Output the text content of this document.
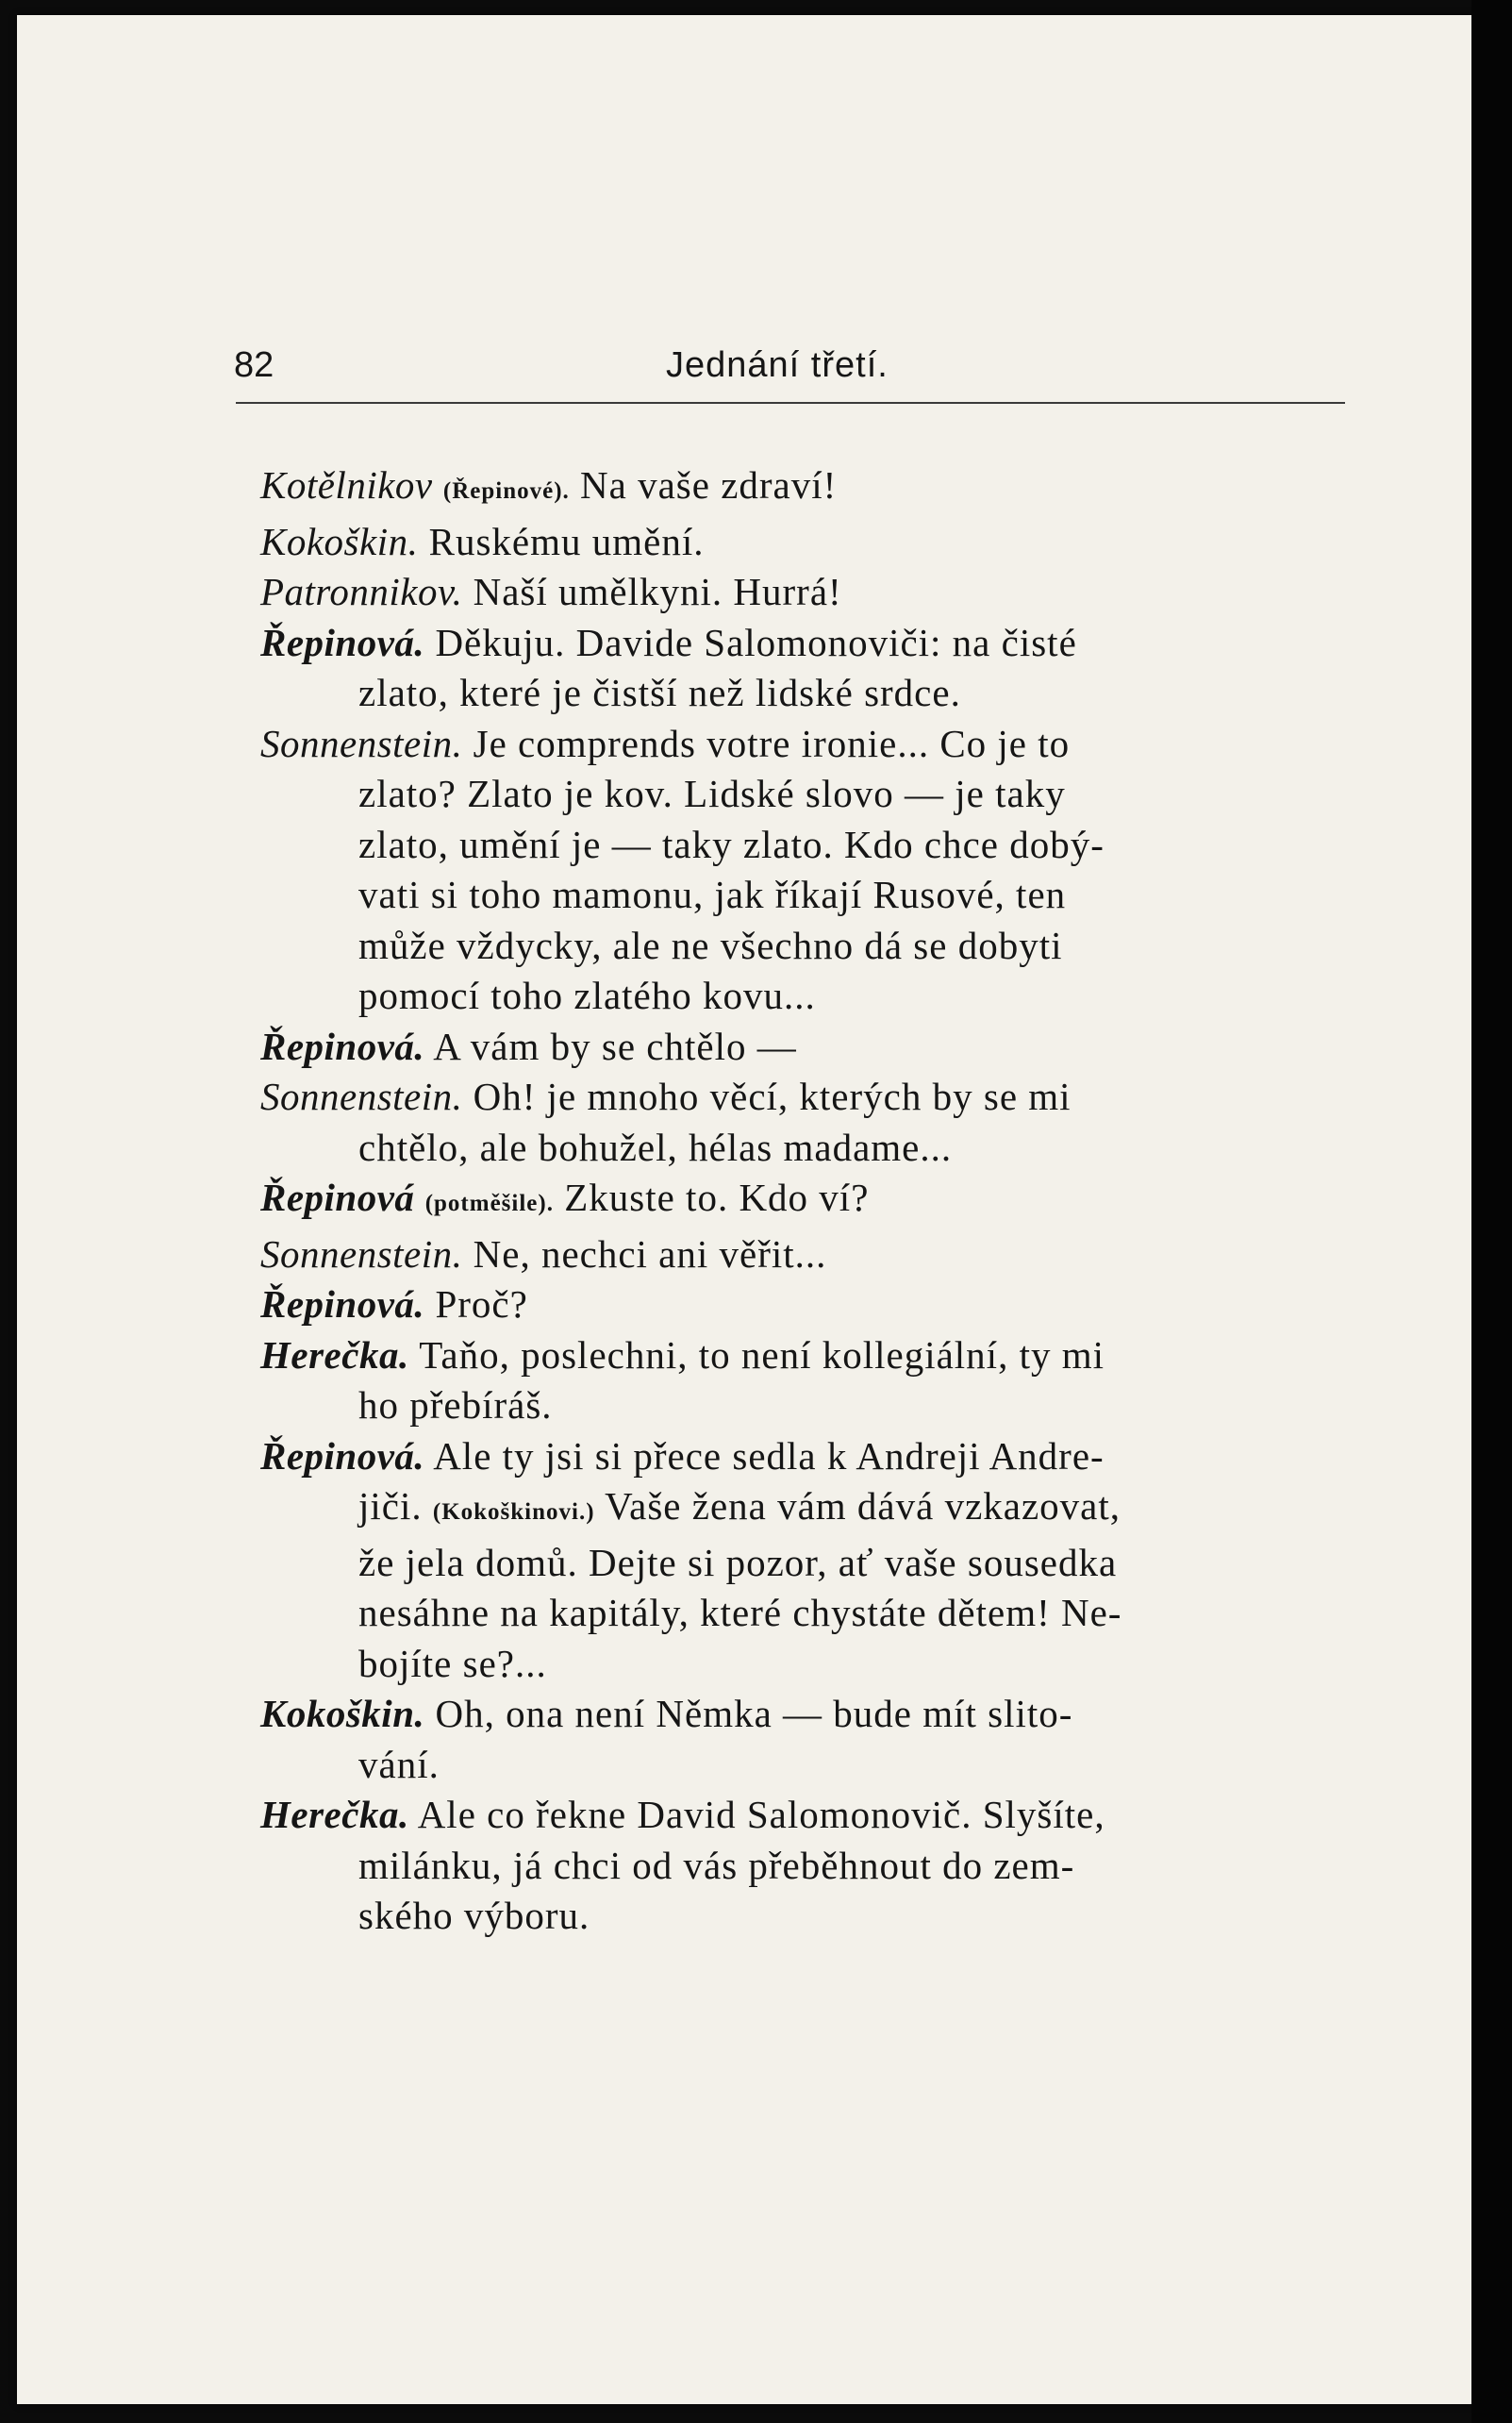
82	Jednání třetí.
Kotělnikov (Řepinové). Na vaše zdraví!
Kokoškin. Ruskému umění.
Patronnikov. Naší umělkyni. Hurrá!
Řepinová. Děkuju. Davide Salomonoviči: na čisté
zlato, které je čistší než lidské srdce.
Sonnenstein. Je comprends votre ironie... Co je to
zlato? Zlato je kov. Lidské slovo — je taky
zlato, umění je — taky zlato. Kdo chce dobý-
vati si toho mamonu, jak říkají Rusové, ten
může vždycky, ale ne všechno dá se dobyti
pomocí toho zlatého kovu...
Řepinová. A vám by se chtělo —
Sonnenstein. Oh! je mnoho věcí, kterých by se mi
chtělo, ale bohužel, hélas madame...
Řepinová (potměšile). Zkuste to. Kdo ví?
Sonnenstein. Ne, nechci ani věřit...
Řepinová. Proč?
Herečka. Taňo, poslechni, to není kollegiální, ty mi
ho přebíráš.
Řepinová. Ale ty jsi si přece sedla k Andreji Andre-
jiči. (Kokoškinovi.) Vaše žena vám dává vzkazovat,
že jela domů. Dejte si pozor, ať vaše sousedka
nesáhne na kapitály, které chystáte dětem! Ne-
bojíte se?...
Kokoškin. Oh, ona není Němka — bude mít slito-
vání.
Herečka. Ale co řekne David Salomonovič. Slyšíte,
milánku, já chci od vás přeběhnout do zem-
ského výboru.
